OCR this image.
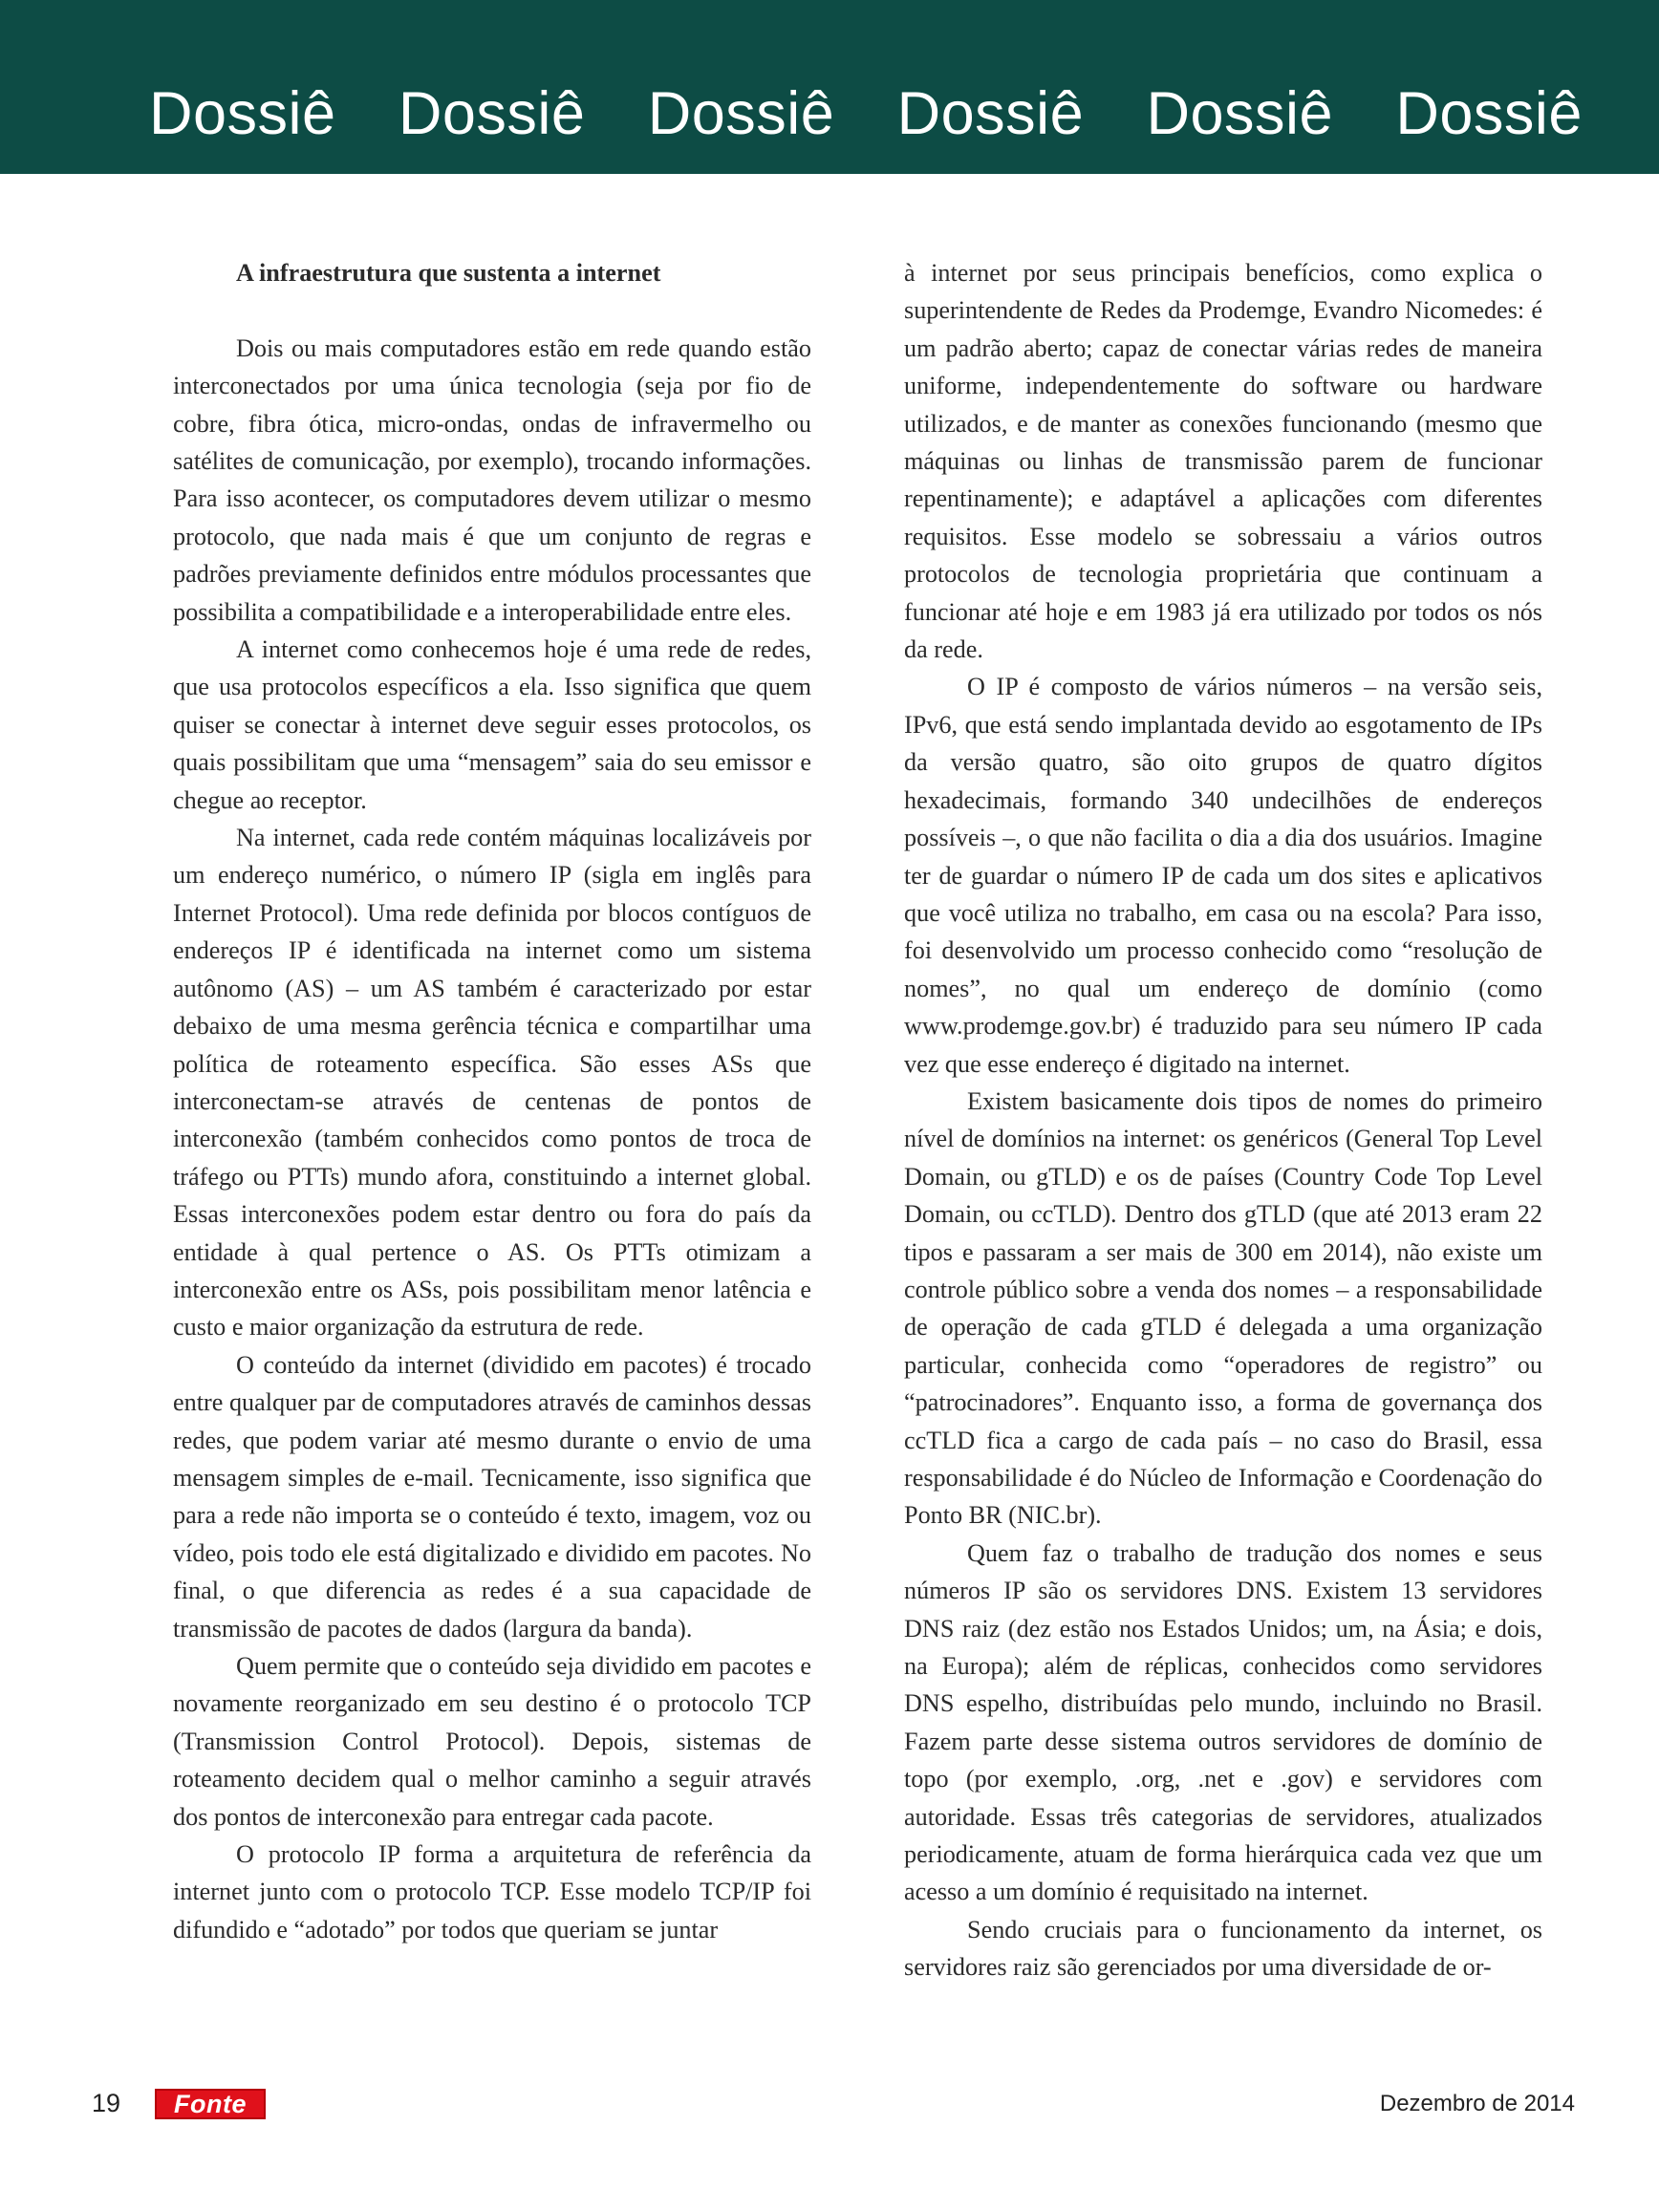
Dossiê Dossiê Dossiê Dossiê Dossiê Dossiê
A infraestrutura que sustenta a internet

Dois ou mais computadores estão em rede quando estão interconectados por uma única tecnologia (seja por fio de cobre, fibra ótica, micro-ondas, ondas de infravermelho ou satélites de comunicação, por exemplo), trocando informações. Para isso acontecer, os computadores devem utilizar o mesmo protocolo, que nada mais é que um conjunto de regras e padrões previamente definidos entre módulos processantes que possibilita a compatibilidade e a interoperabilidade entre eles.

A internet como conhecemos hoje é uma rede de redes, que usa protocolos específicos a ela. Isso significa que quem quiser se conectar à internet deve seguir esses protocolos, os quais possibilitam que uma “mensagem” saia do seu emissor e chegue ao receptor.

Na internet, cada rede contém máquinas localizáveis por um endereço numérico, o número IP (sigla em inglês para Internet Protocol). Uma rede definida por blocos contíguos de endereços IP é identificada na internet como um sistema autônomo (AS) – um AS também é caracterizado por estar debaixo de uma mesma gerência técnica e compartilhar uma política de roteamento específica. São esses ASs que interconectam-se através de centenas de pontos de interconexão (também conhecidos como pontos de troca de tráfego ou PTTs) mundo afora, constituindo a internet global. Essas interconexões podem estar dentro ou fora do país da entidade à qual pertence o AS. Os PTTs otimizam a interconexão entre os ASs, pois possibilitam menor latência e custo e maior organização da estrutura de rede.

O conteúdo da internet (dividido em pacotes) é trocado entre qualquer par de computadores através de caminhos dessas redes, que podem variar até mesmo durante o envio de uma mensagem simples de e-mail. Tecnicamente, isso significa que para a rede não importa se o conteúdo é texto, imagem, voz ou vídeo, pois todo ele está digitalizado e dividido em pacotes. No final, o que diferencia as redes é a sua capacidade de transmissão de pacotes de dados (largura da banda).

Quem permite que o conteúdo seja dividido em pacotes e novamente reorganizado em seu destino é o protocolo TCP (Transmission Control Protocol). Depois, sistemas de roteamento decidem qual o melhor caminho a seguir através dos pontos de interconexão para entregar cada pacote.

O protocolo IP forma a arquitetura de referência da internet junto com o protocolo TCP. Esse modelo TCP/IP foi difundido e “adotado” por todos que queriam se juntar

à internet por seus principais benefícios, como explica o superintendente de Redes da Prodemge, Evandro Nicomedes: é um padrão aberto; capaz de conectar várias redes de maneira uniforme, independentemente do software ou hardware utilizados, e de manter as conexões funcionando (mesmo que máquinas ou linhas de transmissão parem de funcionar repentinamente); e adaptável a aplicações com diferentes requisitos. Esse modelo se sobressaiu a vários outros protocolos de tecnologia proprietária que continuam a funcionar até hoje e em 1983 já era utilizado por todos os nós da rede.

O IP é composto de vários números – na versão seis, IPv6, que está sendo implantada devido ao esgotamento de IPs da versão quatro, são oito grupos de quatro dígitos hexadecimais, formando 340 undecilhões de endereços possíveis –, o que não facilita o dia a dia dos usuários. Imagine ter de guardar o número IP de cada um dos sites e aplicativos que você utiliza no trabalho, em casa ou na escola? Para isso, foi desenvolvido um processo conhecido como “resolução de nomes”, no qual um endereço de domínio (como www.prodemge.gov.br) é traduzido para seu número IP cada vez que esse endereço é digitado na internet.

Existem basicamente dois tipos de nomes do primeiro nível de domínios na internet: os genéricos (General Top Level Domain, ou gTLD) e os de países (Country Code Top Level Domain, ou ccTLD). Dentro dos gTLD (que até 2013 eram 22 tipos e passaram a ser mais de 300 em 2014), não existe um controle público sobre a venda dos nomes – a responsabilidade de operação de cada gTLD é delegada a uma organização particular, conhecida como “operadores de registro” ou “patrocinadores”. Enquanto isso, a forma de governança dos ccTLD fica a cargo de cada país – no caso do Brasil, essa responsabilidade é do Núcleo de Informação e Coordenação do Ponto BR (NIC.br).

Quem faz o trabalho de tradução dos nomes e seus números IP são os servidores DNS. Existem 13 servidores DNS raiz (dez estão nos Estados Unidos; um, na Ásia; e dois, na Europa); além de réplicas, conhecidos como servidores DNS espelho, distribuídas pelo mundo, incluindo no Brasil. Fazem parte desse sistema outros servidores de domínio de topo (por exemplo, .org, .net e .gov) e servidores com autoridade. Essas três categorias de servidores, atualizados periodicamente, atuam de forma hierárquica cada vez que um acesso a um domínio é requisitado na internet.

Sendo cruciais para o funcionamento da internet, os servidores raiz são gerenciados por uma diversidade de or-

19 Fonte	Dezembro de 2014
